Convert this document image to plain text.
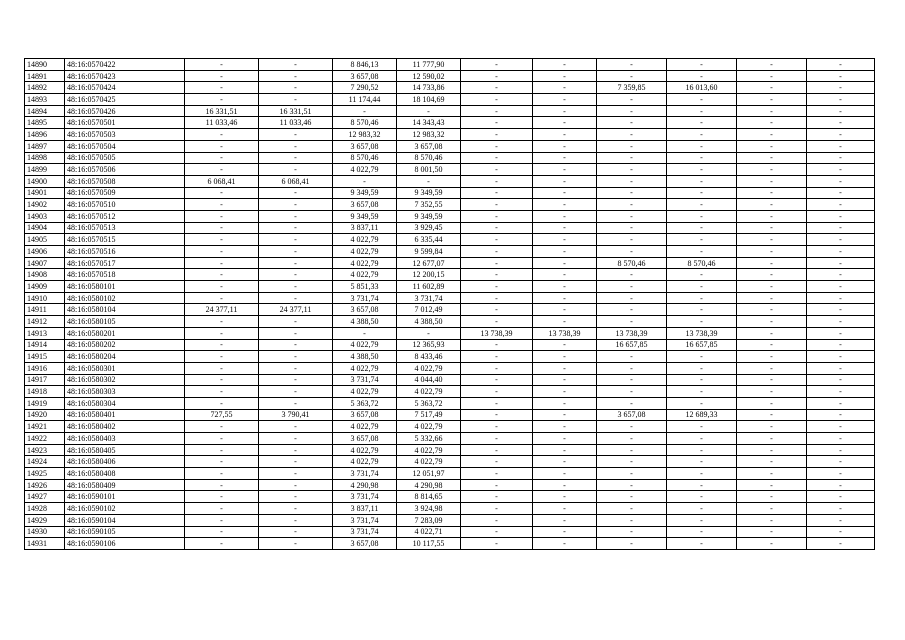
14890	48:16:0570422	-	-	8 846,13	11 777,90	-	-	-	-	-	-
14891	48:16:0570423	-	-	3 657,08	12 590,02	-	-	-	-	-	-
14892	48:16:0570424	-	-	7 290,52	14 733,86	-	-	7 359,85	16 013,60	-	-
14893	48:16:0570425	-	-	11 174,44	18 104,69	-	-	-	-	-	-
14894	48:16:0570426	16 331,51	16 331,51	-	-	-	-	-	-	-	-
14895	48:16:0570501	11 033,46	11 033,46	8 570,46	14 343,43	-	-	-	-	-	-
14896	48:16:0570503	-	-	12 983,32	12 983,32	-	-	-	-	-	-
14897	48:16:0570504	-	-	3 657,08	3 657,08	-	-	-	-	-	-
14898	48:16:0570505	-	-	8 570,46	8 570,46	-	-	-	-	-	-
14899	48:16:0570506	-	-	4 022,79	8 001,50	-	-	-	-	-	-
14900	48:16:0570508	6 068,41	6 068,41	-	-	-	-	-	-	-	-
14901	48:16:0570509	-	-	9 349,59	9 349,59	-	-	-	-	-	-
14902	48:16:0570510	-	-	3 657,08	7 352,55	-	-	-	-	-	-
14903	48:16:0570512	-	-	9 349,59	9 349,59	-	-	-	-	-	-
14904	48:16:0570513	-	-	3 837,11	3 929,45	-	-	-	-	-	-
14905	48:16:0570515	-	-	4 022,79	6 335,44	-	-	-	-	-	-
14906	48:16:0570516	-	-	4 022,79	9 599,84	-	-	-	-	-	-
14907	48:16:0570517	-	-	4 022,79	12 677,07	-	-	8 570,46	8 570,46	-	-
14908	48:16:0570518	-	-	4 022,79	12 200,15	-	-	-	-	-	-
14909	48:16:0580101	-	-	5 851,33	11 602,89	-	-	-	-	-	-
14910	48:16:0580102	-	-	3 731,74	3 731,74	-	-	-	-	-	-
14911	48:16:0580104	24 377,11	24 377,11	3 657,08	7 012,49	-	-	-	-	-	-
14912	48:16:0580105	-	-	4 388,50	4 388,50	-	-	-	-	-	-
14913	48:16:0580201	-	-	-	-	13 738,39	13 738,39	13 738,39	13 738,39	-	-
14914	48:16:0580202	-	-	4 022,79	12 365,93	-	-	16 657,85	16 657,85	-	-
14915	48:16:0580204	-	-	4 388,50	8 433,46	-	-	-	-	-	-
14916	48:16:0580301	-	-	4 022,79	4 022,79	-	-	-	-	-	-
14917	48:16:0580302	-	-	3 731,74	4 044,40	-	-	-	-	-	-
14918	48:16:0580303	-	-	4 022,79	4 022,79	-	-	-	-	-	-
14919	48:16:0580304	-	-	5 363,72	5 363,72	-	-	-	-	-	-
14920	48:16:0580401	727,55	3 790,41	3 657,08	7 517,49	-	-	3 657,08	12 689,33	-	-
14921	48:16:0580402	-	-	4 022,79	4 022,79	-	-	-	-	-	-
14922	48:16:0580403	-	-	3 657,08	5 332,66	-	-	-	-	-	-
14923	48:16:0580405	-	-	4 022,79	4 022,79	-	-	-	-	-	-
14924	48:16:0580406	-	-	4 022,79	4 022,79	-	-	-	-	-	-
14925	48:16:0580408	-	-	3 731,74	12 051,97	-	-	-	-	-	-
14926	48:16:0580409	-	-	4 290,98	4 290,98	-	-	-	-	-	-
14927	48:16:0590101	-	-	3 731,74	8 814,65	-	-	-	-	-	-
14928	48:16:0590102	-	-	3 837,11	3 924,98	-	-	-	-	-	-
14929	48:16:0590104	-	-	3 731,74	7 283,09	-	-	-	-	-	-
14930	48:16:0590105	-	-	3 731,74	4 022,71	-	-	-	-	-	-
14931	48:16:0590106	-	-	3 657,08	10 117,55	-	-	-	-	-	-
